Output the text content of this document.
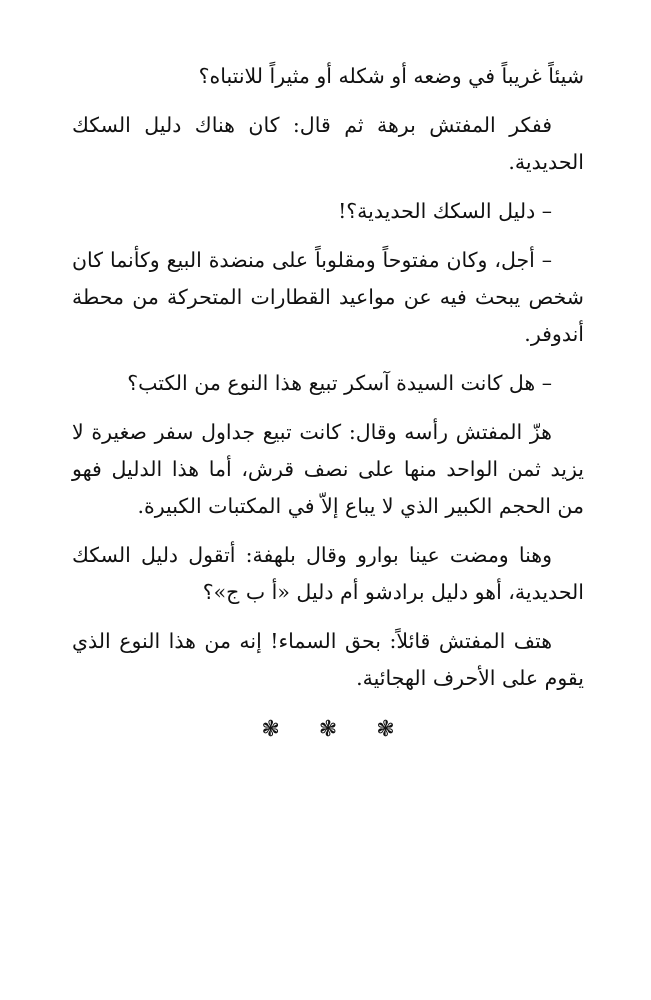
شيئاً غريباً في وضعه أو شكله أو مثيراً للانتباه؟

ففكر المفتش برهة ثم قال: كان هناك دليل السكك الحديدية.

– دليل السكك الحديدية؟!

– أجل، وكان مفتوحاً ومقلوباً على منضدة البيع وكأنما كان شخص يبحث فيه عن مواعيد القطارات المتحركة من محطة أندوفر.

– هل كانت السيدة آسكر تبيع هذا النوع من الكتب؟

هزّ المفتش رأسه وقال: كانت تبيع جداول سفر صغيرة لا يزيد ثمن الواحد منها على نصف قرش، أما هذا الدليل فهو من الحجم الكبير الذي لا يباع إلاّ في المكتبات الكبيرة.

وهنا ومضت عينا بوارو وقال بلهفة: أتقول دليل السكك الحديدية، أهو دليل برادشو أم دليل «أ ب ج»؟

هتف المفتش قائلاً: بحق السماء! إنه من هذا النوع الذي يقوم على الأحرف الهجائية.

❃ ❃ ❃
